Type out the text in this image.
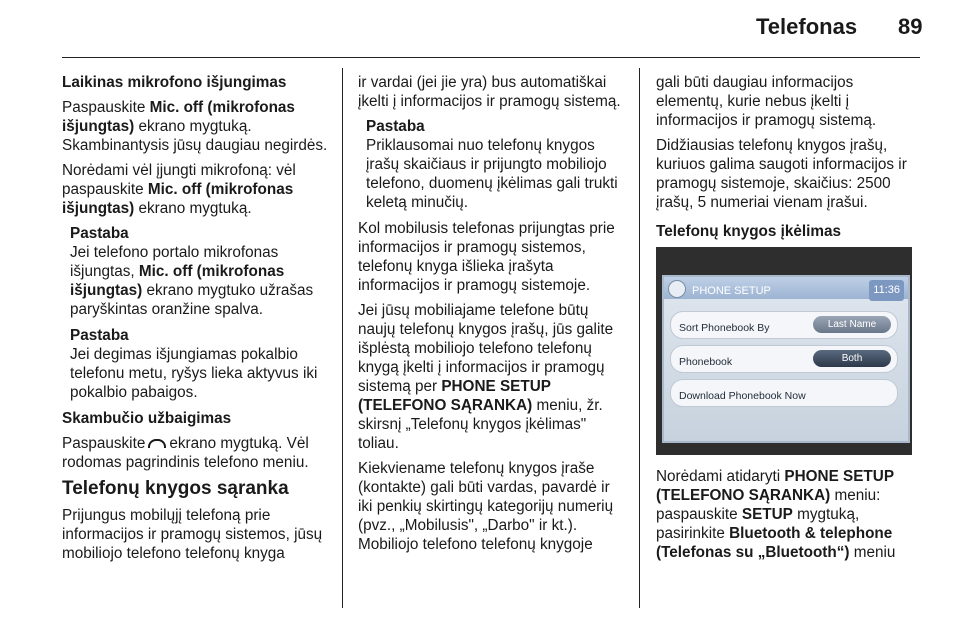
Telefonas 89

Laikinas mikrofono išjungimas

Paspauskite Mic. off (mikrofonas išjungtas) ekrano mygtuką. Skambinantysis jūsų daugiau negirdės.

Norėdami vėl įjungti mikrofoną: vėl paspauskite Mic. off (mikrofonas išjungtas) ekrano mygtuką.

Pastaba
Jei telefono portalo mikrofonas išjungtas, Mic. off (mikrofonas išjungtas) ekrano mygtuko užrašas paryškintas oranžine spalva.
Pastaba
Jei degimas išjungiamas pokalbio telefonu metu, ryšys lieka aktyvus iki pokalbio pabaigos.

Skambučio užbaigimas

Paspauskite ekrano mygtuką. Vėl rodomas pagrindinis telefono meniu.

Telefonų knygos sąranka

Prijungus mobilųjį telefoną prie informacijos ir pramogų sistemos, jūsų mobiliojo telefono telefonų knyga

ir vardai (jei jie yra) bus automatiškai įkelti į informacijos ir pramogų sistemą.

Pastaba
Priklausomai nuo telefonų knygos įrašų skaičiaus ir prijungto mobiliojo telefono, duomenų įkėlimas gali trukti keletą minučių.

Kol mobilusis telefonas prijungtas prie informacijos ir pramogų sistemos, telefonų knyga išlieka įrašyta informacijos ir pramogų sistemoje.

Jei jūsų mobiliajame telefone būtų naujų telefonų knygos įrašų, jūs galite išplėstą mobiliojo telefono telefonų knygą įkelti į informacijos ir pramogų sistemą per PHONE SETUP (TELEFONO SĄRANKA) meniu, žr. skirsnį „Telefonų knygos įkėlimas" toliau.

Kiekviename telefonų knygos įraše (kontakte) gali būti vardas, pavardė ir iki penkių skirtingų kategorijų numerių (pvz., „Mobilusis", „Darbo" ir kt.). Mobiliojo telefono telefonų knygoje

gali būti daugiau informacijos elementų, kurie nebus įkelti į informacijos ir pramogų sistemą.

Didžiausias telefonų knygos įrašų, kuriuos galima saugoti informacijos ir pramogų sistemoje, skaičius: 2500 įrašų, 5 numeriai vienam įrašui.

Telefonų knygos įkėlimas

PHONE SETUP	11:36
Sort Phonebook By	Last Name
Phonebook	Both
Download Phonebook Now

Norėdami atidaryti PHONE SETUP (TELEFONO SĄRANKA) meniu: paspauskite SETUP mygtuką, pasirinkite Bluetooth & telephone (Telefonas su „Bluetooth“) meniu
